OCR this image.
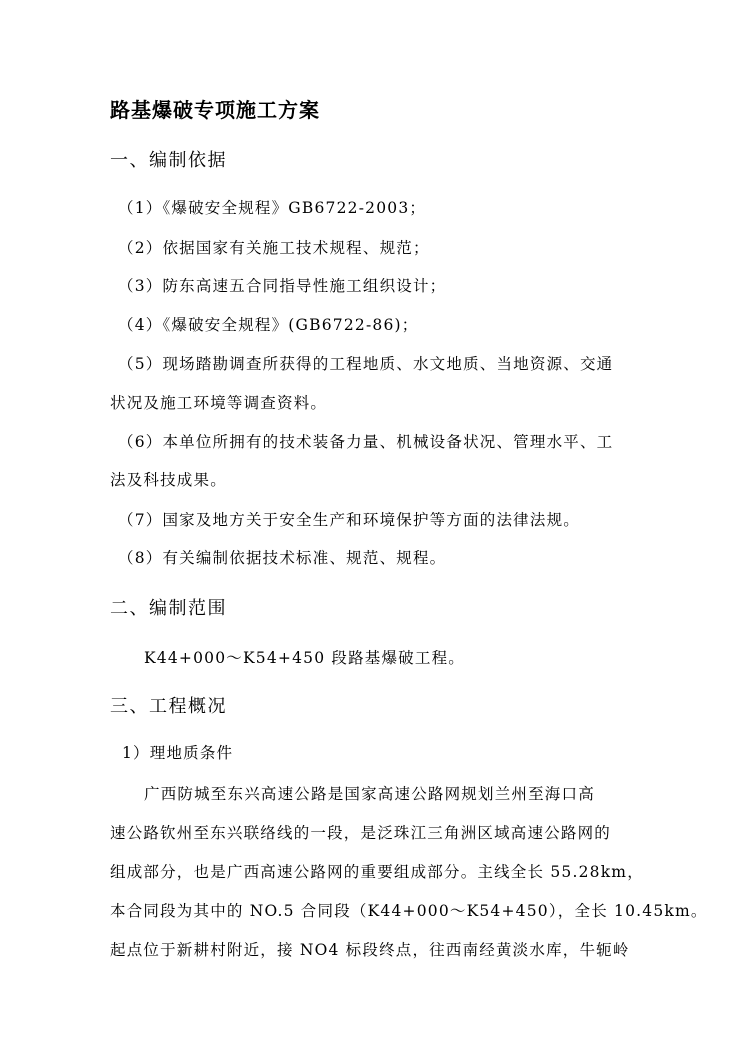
路基爆破专项施工方案
一、编制依据
（1）《爆破安全规程》GB6722-2003；
（2）依据国家有关施工技术规程、规范；
（3）防东高速五合同指导性施工组织设计；
（4）《爆破安全规程》(GB6722-86)；
（5）现场踏勘调查所获得的工程地质、水文地质、当地资源、交通
状况及施工环境等调查资料。
（6）本单位所拥有的技术装备力量、机械设备状况、管理水平、工
法及科技成果。
（7）国家及地方关于安全生产和环境保护等方面的法律法规。
（8）有关编制依据技术标准、规范、规程。
二、编制范围
K44+000～K54+450 段路基爆破工程。
三、工程概况
1）理地质条件
广西防城至东兴高速公路是国家高速公路网规划兰州至海口高
速公路钦州至东兴联络线的一段，是泛珠江三角洲区域高速公路网的
组成部分，也是广西高速公路网的重要组成部分。主线全长 55.28km，
本合同段为其中的 NO.5 合同段（K44+000～K54+450），全长 10.45km。
起点位于新耕村附近，接 NO4 标段终点，往西南经黄淡水库，牛轭岭
